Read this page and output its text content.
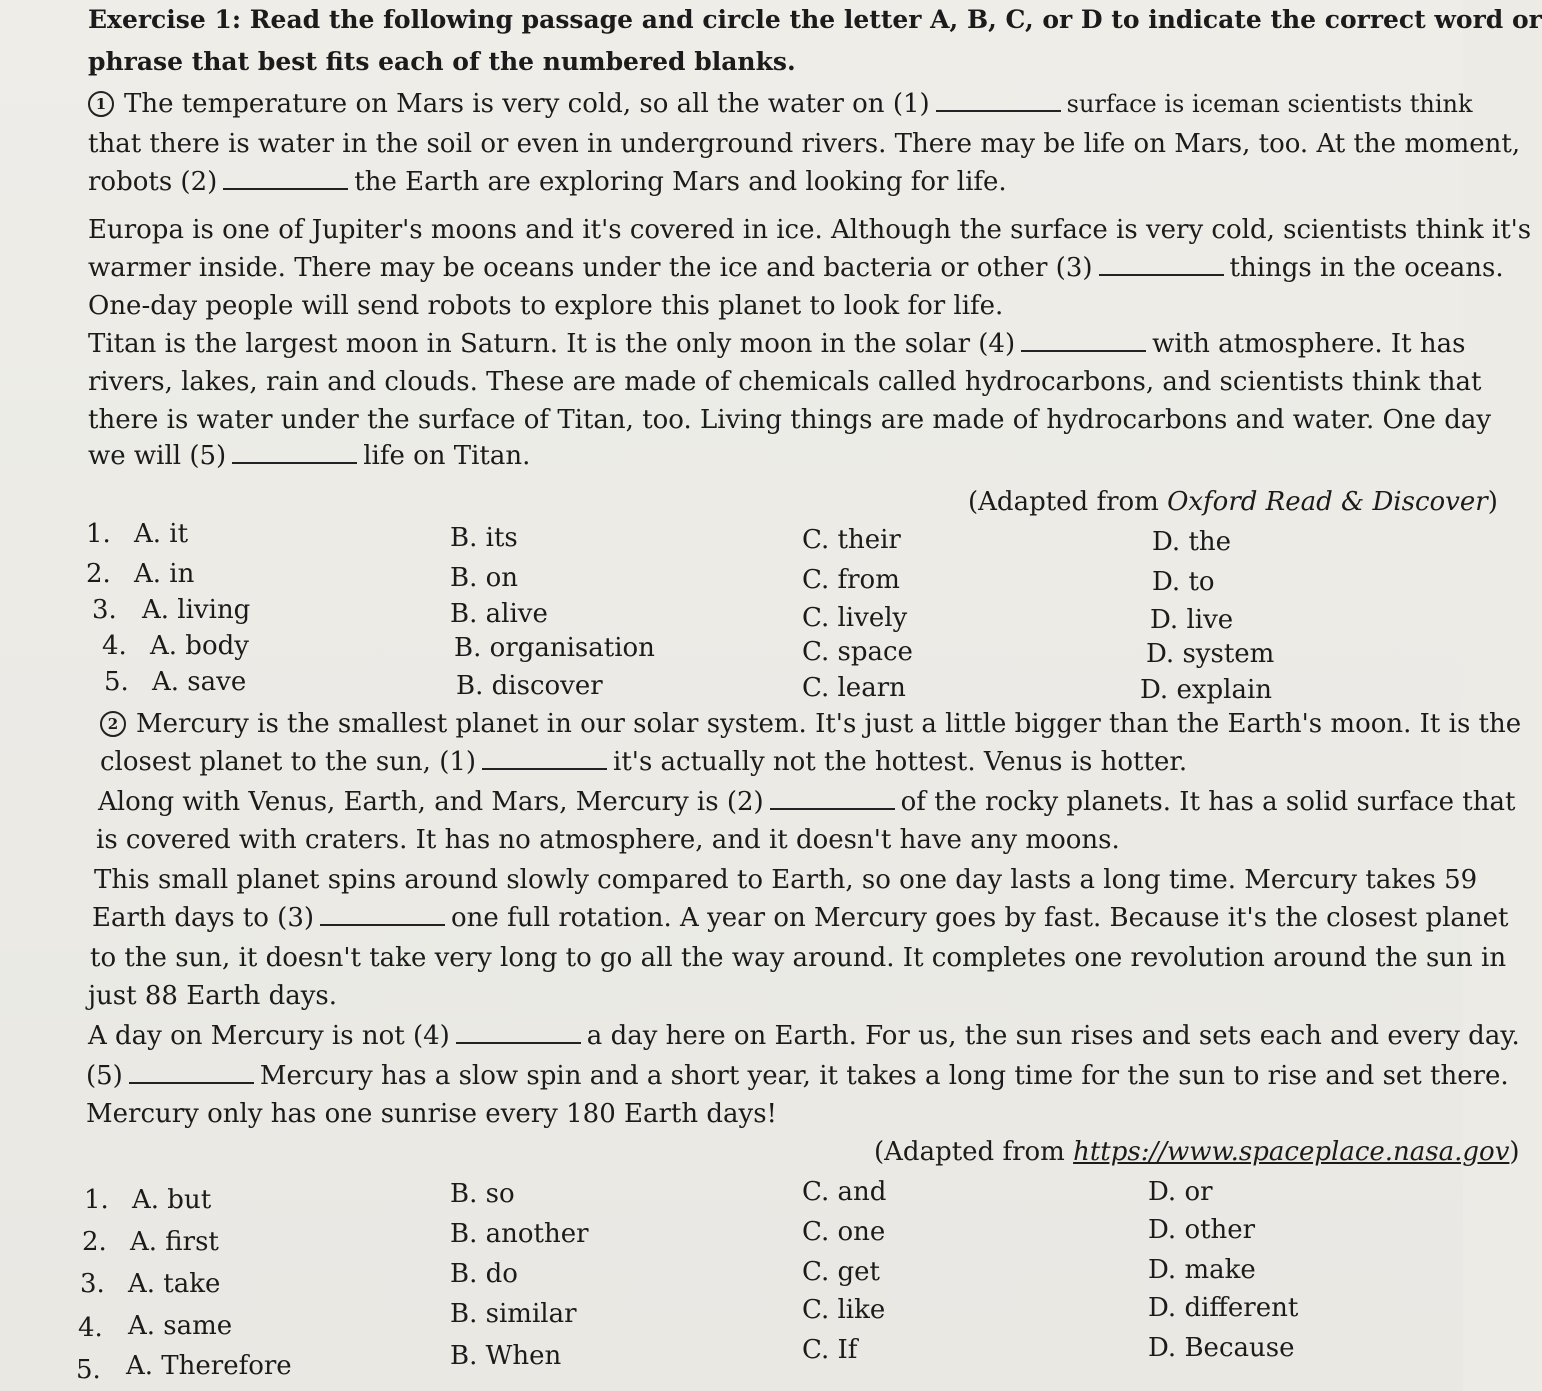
Exercise 1: Read the following passage and circle the letter A, B, C, or D to indicate the correct word or
phrase that best fits each of the numbered blanks.
1 The temperature on Mars is very cold, so all the water on (1)	surface is iceman scientists think
that there is water in the soil or even in underground rivers. There may be life on Mars, too. At the moment,
robots (2)	the Earth are exploring Mars and looking for life.
Europa is one of Jupiter's moons and it's covered in ice. Although the surface is very cold, scientists think it's
warmer inside. There may be oceans under the ice and bacteria or other (3)	things in the oceans.
One-day people will send robots to explore this planet to look for life.
Titan is the largest moon in Saturn. It is the only moon in the solar (4)	with atmosphere. It has
rivers, lakes, rain and clouds. These are made of chemicals called hydrocarbons, and scientists think that
there is water under the surface of Titan, too. Living things are made of hydrocarbons and water. One day
we will (5)	life on Titan.
(Adapted from Oxford Read & Discover)
1. A. it	B. its	C. their	D. the
2. A. in	B. on	C. from	D. to
3. A. living	B. alive	C. lively	D. live
4. A. body	B. organisation	C. space	D. system
5. A. save	B. discover	C. learn	D. explain
2 Mercury is the smallest planet in our solar system. It's just a little bigger than the Earth's moon. It is the
closest planet to the sun, (1)	it's actually not the hottest. Venus is hotter.
Along with Venus, Earth, and Mars, Mercury is (2)	of the rocky planets. It has a solid surface that
is covered with craters. It has no atmosphere, and it doesn't have any moons.
This small planet spins around slowly compared to Earth, so one day lasts a long time. Mercury takes 59
Earth days to (3)	one full rotation. A year on Mercury goes by fast. Because it's the closest planet
to the sun, it doesn't take very long to go all the way around. It completes one revolution around the sun in
just 88 Earth days.
A day on Mercury is not (4)	a day here on Earth. For us, the sun rises and sets each and every day.
(5)	Mercury has a slow spin and a short year, it takes a long time for the sun to rise and set there.
Mercury only has one sunrise every 180 Earth days!
(Adapted from https://www.spaceplace.nasa.gov)
1. A. but	B. so	C. and	D. or
2. A. first	B. another	C. one	D. other
3. A. take	B. do	C. get	D. make
4. A. same	B. similar	C. like	D. different
5. A. Therefore	B. When	C. If	D. Because
